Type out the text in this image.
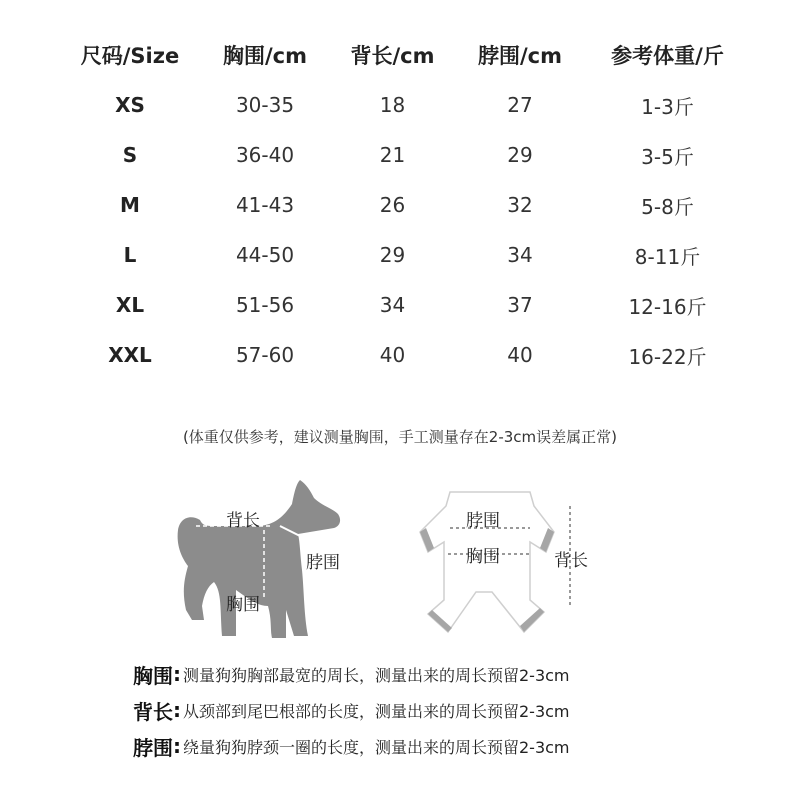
尺码/Size	胸围/cm	背长/cm	脖围/cm	参考体重/斤
XS	30-35	18	27	1-3斤
S	36-40	21	29	3-5斤
M	41-43	26	32	5-8斤
L	44-50	29	34	8-11斤
XL	51-56	34	37	12-16斤
XXL	57-60	40	40	16-22斤
(体重仅供参考，建议测量胸围，手工测量存在2-3cm误差属正常)
背长
脖围
胸围
脖围
胸围	背长
胸围 : 测量狗狗胸部最宽的周长，测量出来的周长预留2-3cm
背长 : 从颈部到尾巴根部的长度，测量出来的周长预留2-3cm
脖围 : 绕量狗狗脖颈一圈的长度，测量出来的周长预留2-3cm
